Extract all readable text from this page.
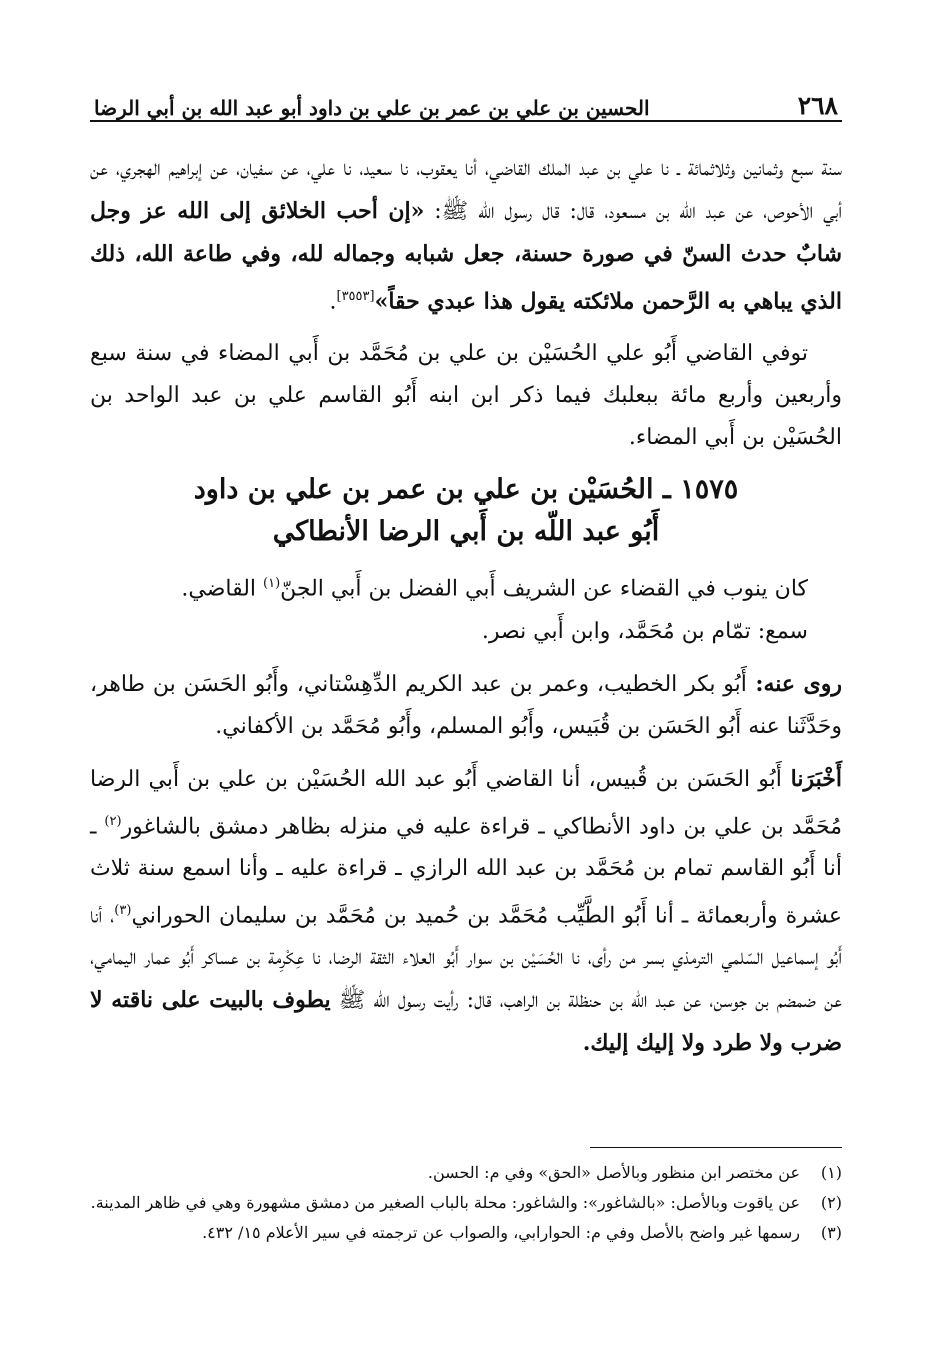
٢٦٨
الحسين بن علي بن عمر بن علي بن داود أبو عبد الله بن أبي الرضا

سنة سبع وثمانين وثلاثمائة ـ نا علي بن عبد الملك القاضي، أنا يعقوب، نا سعيد، نا علي، عن سفيان، عن إبراهيم الهجري، عن أبي الأحوص، عن عبد الله بن مسعود، قال: قال رسول الله ﷺ: «إن أحب الخلائق إلى الله عز وجل شابٌ حدث السنّ في صورة حسنة، جعل شبابه وجماله لله، وفي طاعة الله، ذلك الذي يباهي به الرَّحمن ملائكته يقول هذا عبدي حقاً»[٣٥٥٣].

توفي القاضي أَبُو علي الحُسَيْن بن علي بن مُحَمَّد بن أَبي المضاء في سنة سبع وأربعين وأربع مائة ببعلبك فيما ذكر ابن ابنه أَبُو القاسم علي بن عبد الواحد بن الحُسَيْن بن أَبي المضاء.

١٥٧٥ ـ الحُسَيْن بن علي بن عمر بن علي بن داود
أَبُو عبد اللّه بن أَبي الرضا الأنطاكي

كان ينوب في القضاء عن الشريف أَبي الفضل بن أَبي الجنّ$^{(١)}$ القاضي.

سمع: تمّام بن مُحَمَّد، وابن أَبي نصر.

روى عنه: أَبُو بكر الخطيب، وعمر بن عبد الكريم الدِّهِسْتاني، وأَبُو الحَسَن بن طاهر، وحَدَّثَنا عنه أَبُو الحَسَن بن قُبَيس، وأَبُو المسلم، وأَبُو مُحَمَّد بن الأكفاني.

أَخْبَرَنا أَبُو الحَسَن بن قُبيس، أنا القاضي أَبُو عبد الله الحُسَيْن بن علي بن أَبي الرضا مُحَمَّد بن علي بن داود الأنطاكي ـ قراءة عليه في منزله بظاهر دمشق بالشاغور$^{(٢)}$ ـ أنا أَبُو القاسم تمام بن مُحَمَّد بن عبد الله الرازي ـ قراءة عليه ـ وأنا اسمع سنة ثلاث عشرة وأربعمائة ـ أنا أَبُو الطَّيِّب مُحَمَّد بن حُميد بن مُحَمَّد بن سليمان الحوراني$^{(٣)}$، أنا أَبُو إسماعيل السّلمي الترمذي بسر من رأى، نا الحُسَيْن بن سوار أَبُو العلاء الثقة الرضا، نا عِكْرِمة بن عساكر أَبُو عمار اليمامي، عن ضمضم بن جوسن، عن عبد الله بن حنظلة بن الراهب، قال: رأيت رسول الله ﷺ يطوف بالبيت على ناقته لا ضرب ولا طرد ولا إليك إليك.

(١)
عن مختصر ابن منظور وبالأصل «الحق» وفي م: الحسن.
(٢)
عن ياقوت وبالأصل: «بالشاغور»: والشاغور: محلة بالباب الصغير من دمشق مشهورة وهي في ظاهر المدينة.
(٣)
رسمها غير واضح بالأصل وفي م: الحوارابي، والصواب عن ترجمته في سير الأعلام ١٥/ ٤٣٢.
